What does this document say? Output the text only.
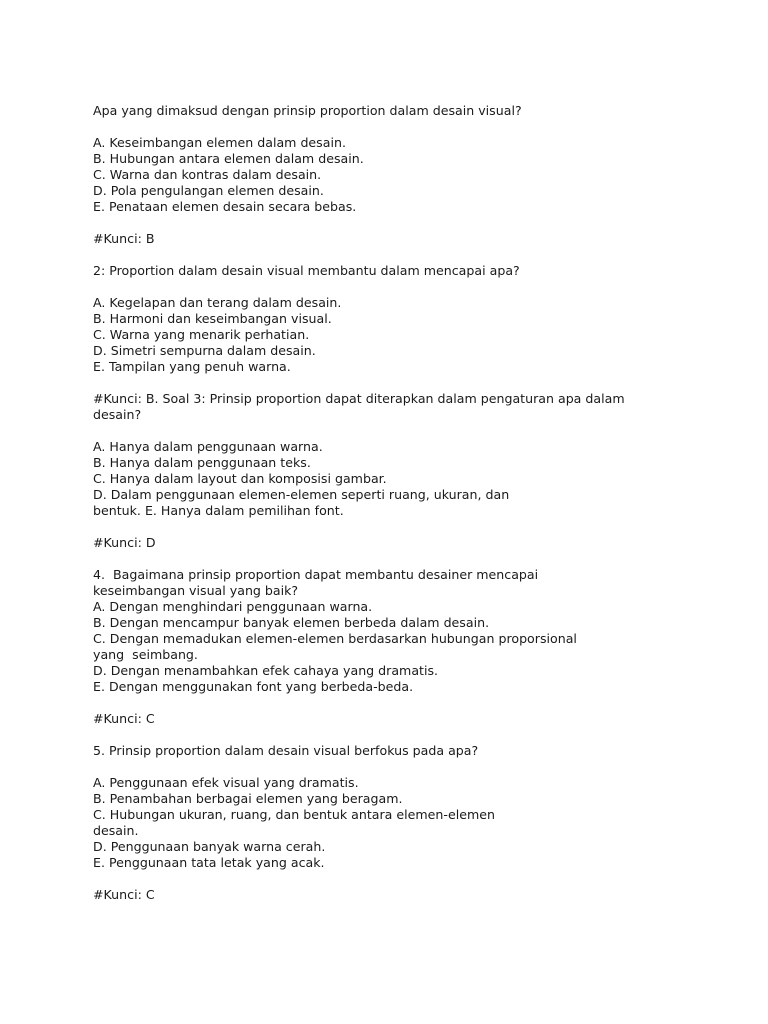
Apa yang dimaksud dengan prinsip proportion dalam desain visual?
A. Keseimbangan elemen dalam desain.
B. Hubungan antara elemen dalam desain.
C. Warna dan kontras dalam desain.
D. Pola pengulangan elemen desain.
E. Penataan elemen desain secara bebas.
#Kunci: B
2: Proportion dalam desain visual membantu dalam mencapai apa?
A. Kegelapan dan terang dalam desain.
B. Harmoni dan keseimbangan visual.
C. Warna yang menarik perhatian.
D. Simetri sempurna dalam desain.
E. Tampilan yang penuh warna.
#Kunci: B. Soal 3: Prinsip proportion dapat diterapkan dalam pengaturan apa dalam
desain?
A. Hanya dalam penggunaan warna.
B. Hanya dalam penggunaan teks.
C. Hanya dalam layout dan komposisi gambar.
D. Dalam penggunaan elemen-elemen seperti ruang, ukuran, dan
bentuk. E. Hanya dalam pemilihan font.
#Kunci: D
4.  Bagaimana prinsip proportion dapat membantu desainer mencapai
keseimbangan visual yang baik?
A. Dengan menghindari penggunaan warna.
B. Dengan mencampur banyak elemen berbeda dalam desain.
C. Dengan memadukan elemen-elemen berdasarkan hubungan proporsional
yang  seimbang.
D. Dengan menambahkan efek cahaya yang dramatis.
E. Dengan menggunakan font yang berbeda-beda.
#Kunci: C
5. Prinsip proportion dalam desain visual berfokus pada apa?
A. Penggunaan efek visual yang dramatis.
B. Penambahan berbagai elemen yang beragam.
C. Hubungan ukuran, ruang, dan bentuk antara elemen-elemen
desain.
D. Penggunaan banyak warna cerah.
E. Penggunaan tata letak yang acak.
#Kunci: C
